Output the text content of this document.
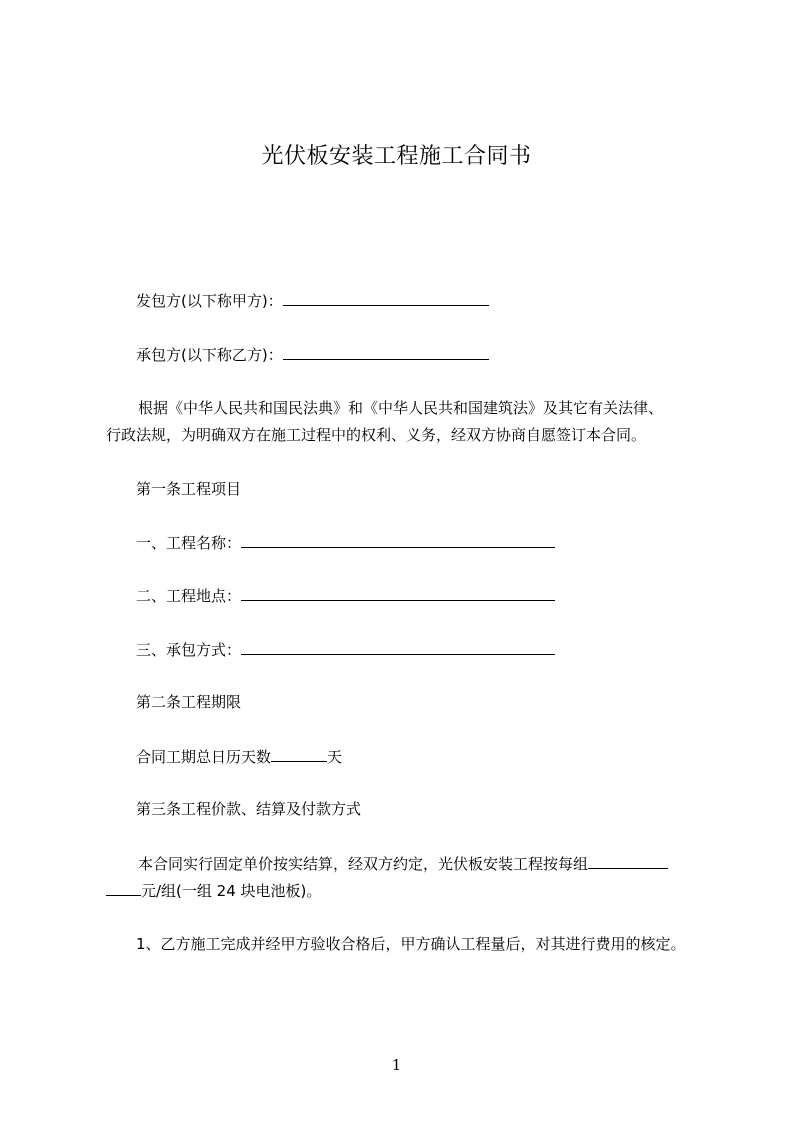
光伏板安装工程施工合同书
发包方(以下称甲方)：
承包方(以下称乙方)：
根据《中华人民共和国民法典》和《中华人民共和国建筑法》及其它有关法律、
行政法规，为明确双方在施工过程中的权利、义务，经双方协商自愿签订本合同。
第一条工程项目
一、工程名称：
二、工程地点：
三、承包方式：
第二条工程期限
合同工期总日历天数	天
第三条工程价款、结算及付款方式
本合同实行固定单价按实结算，经双方约定，光伏板安装工程按每组
元/组(一组 24 块电池板)。
1、乙方施工完成并经甲方验收合格后，甲方确认工程量后，对其进行费用的核定。
1
